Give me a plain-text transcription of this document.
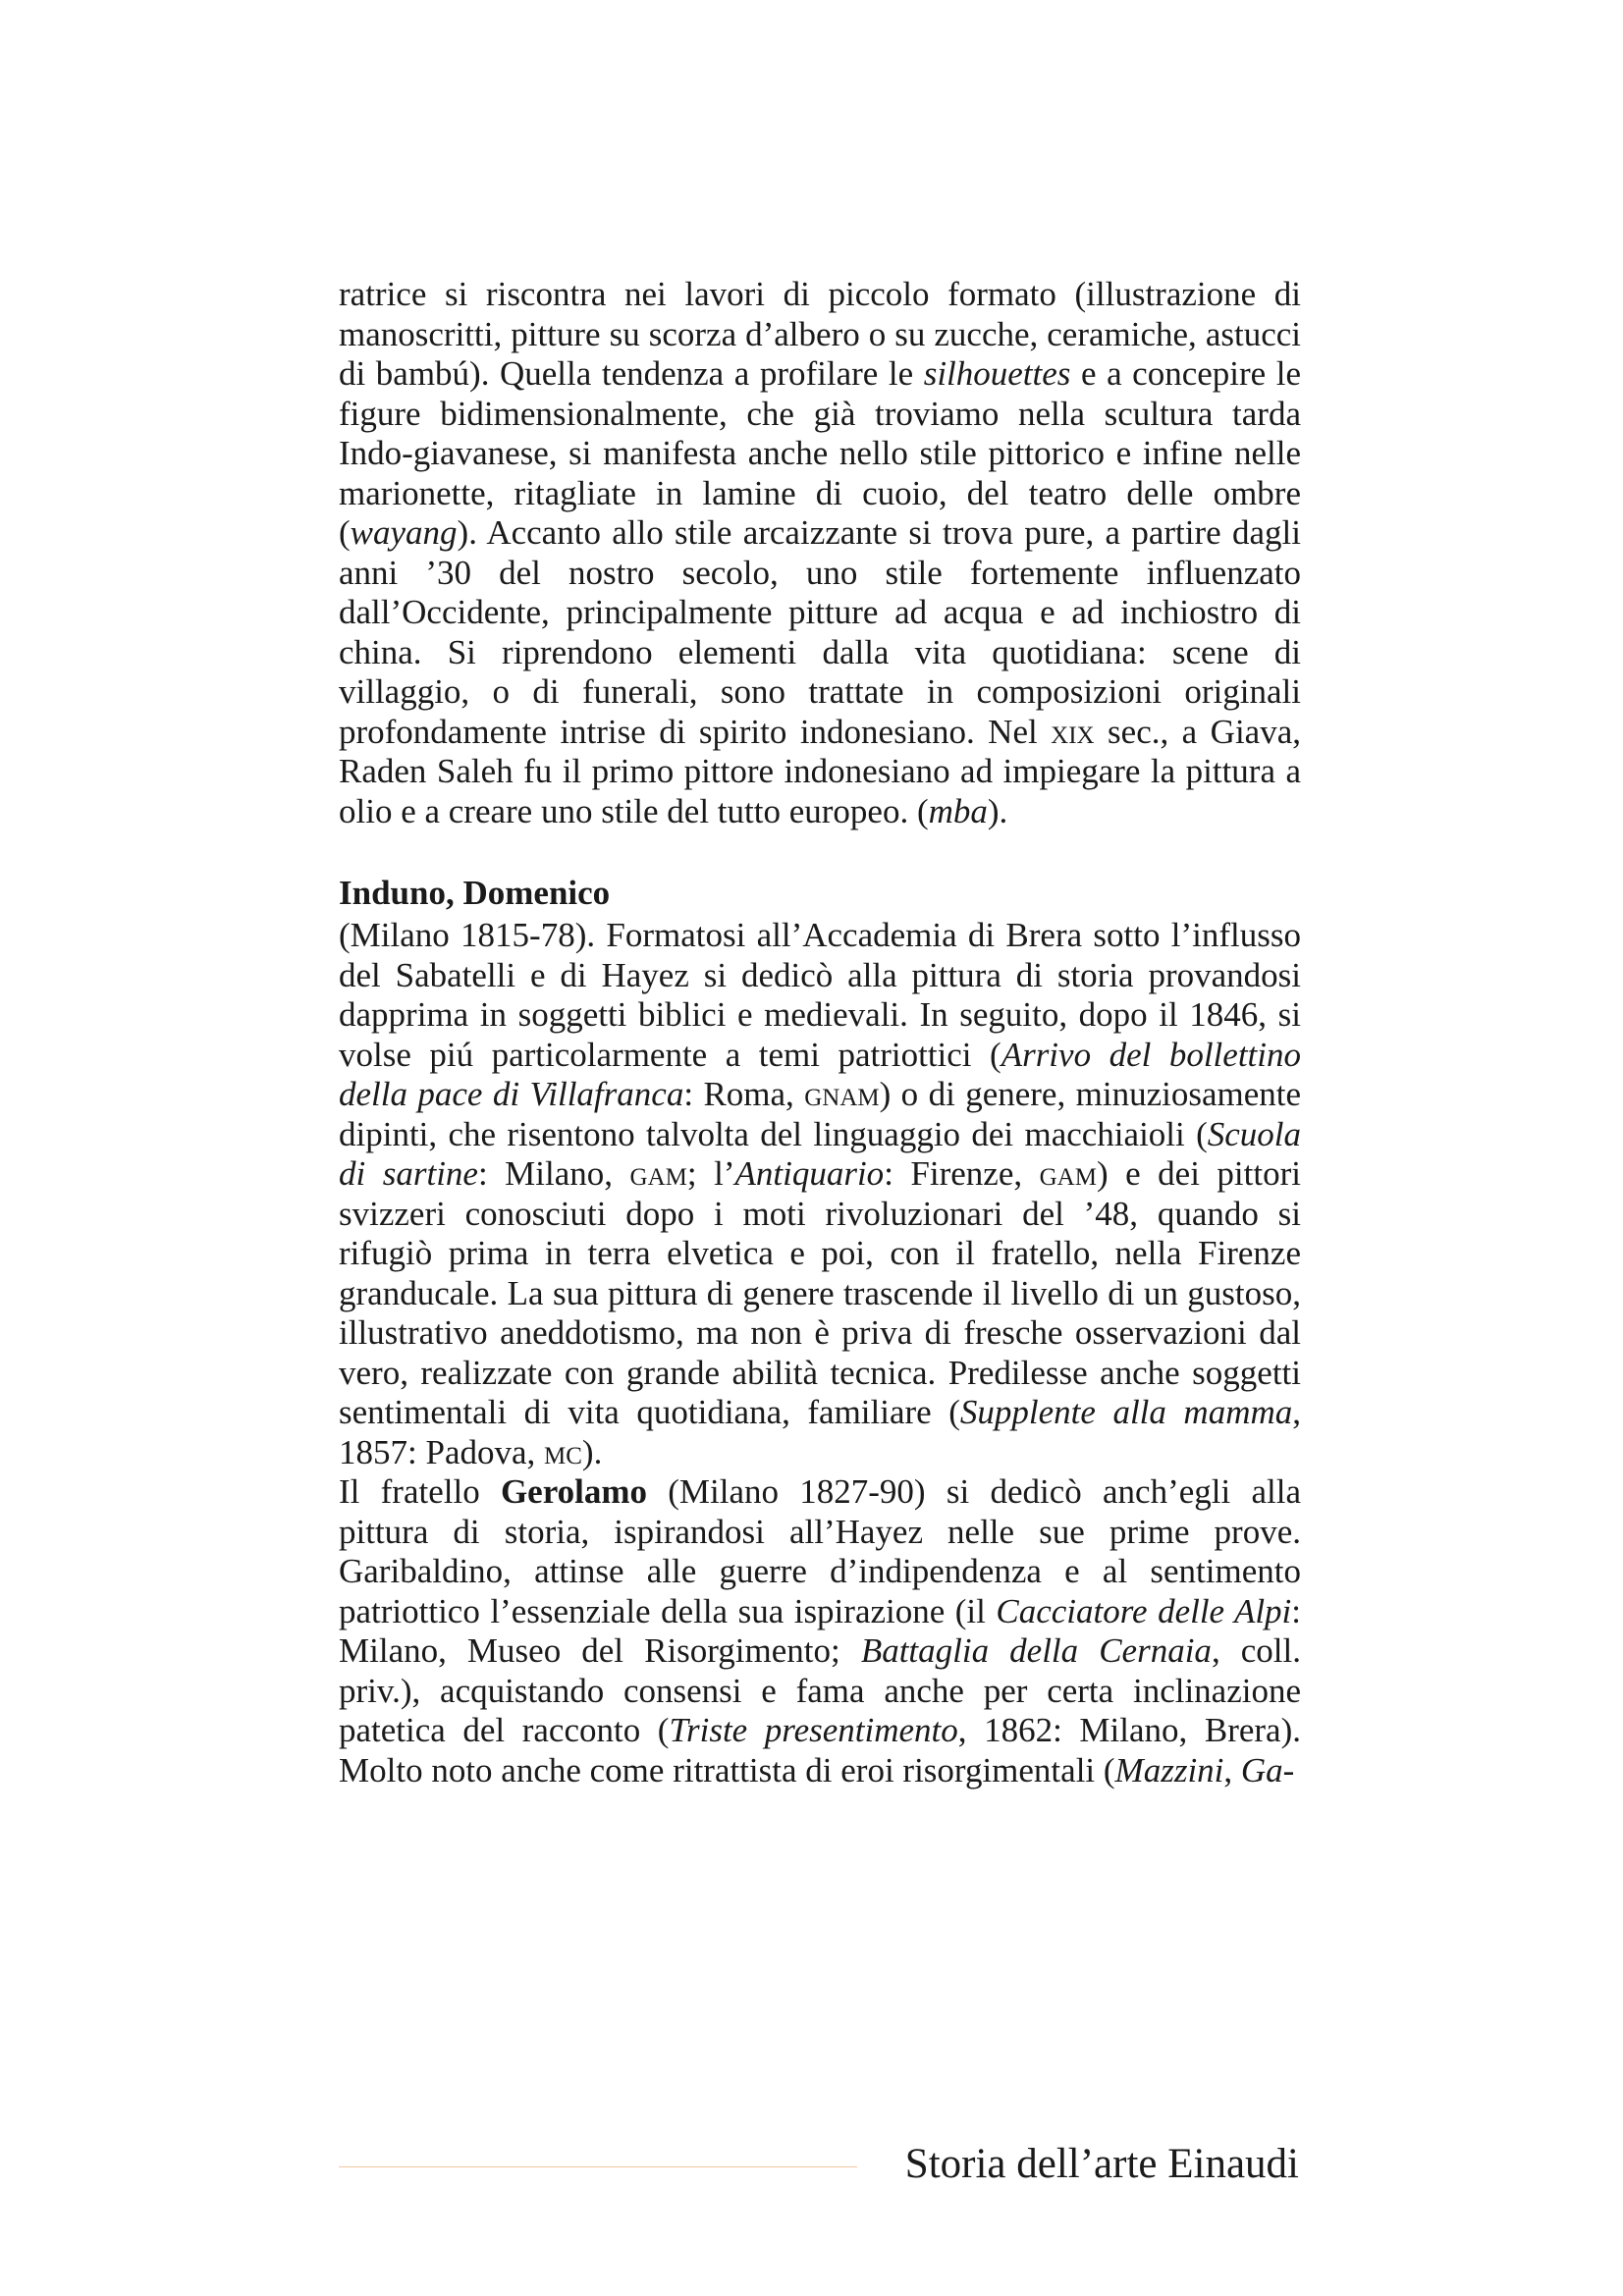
ratrice si riscontra nei lavori di piccolo formato (illustrazione di manoscritti, pitture su scorza d’albero o su zucche, ceramiche, astucci di bambú). Quella tendenza a profilare le silhouettes e a concepire le figure bidimensionalmente, che già troviamo nella scultura tarda Indo-giavanese, si manifesta anche nello stile pittorico e infine nelle marionette, ritagliate in lamine di cuoio, del teatro delle ombre (wayang). Accanto allo stile arcaizzante si trova pure, a partire dagli anni ’30 del nostro secolo, uno stile fortemente influenzato dall’Occidente, principalmente pitture ad acqua e ad inchiostro di china. Si riprendono elementi dalla vita quotidiana: scene di villaggio, o di funerali, sono trattate in composizioni originali profondamente intrise di spirito indonesiano. Nel xix sec., a Giava, Raden Saleh fu il primo pittore indonesiano ad impiegare la pittura a olio e a creare uno stile del tutto europeo. (mba).

Induno, Domenico

(Milano 1815-78). Formatosi all’Accademia di Brera sotto l’influsso del Sabatelli e di Hayez si dedicò alla pittura di storia provandosi dapprima in soggetti biblici e medievali. In seguito, dopo il 1846, si volse piú particolarmente a temi patriottici (Arrivo del bollettino della pace di Villafranca: Roma, gnam) o di genere, minuziosamente dipinti, che risentono talvolta del linguaggio dei macchiaioli (Scuola di sartine: Milano, gam; l’Antiquario: Firenze, gam) e dei pittori svizzeri conosciuti dopo i moti rivoluzionari del ’48, quando si rifugiò prima in terra elvetica e poi, con il fratello, nella Firenze granducale. La sua pittura di genere trascende il livello di un gustoso, illustrativo aneddotismo, ma non è priva di fresche osservazioni dal vero, realizzate con grande abilità tecnica. Predilesse anche soggetti sentimentali di vita quotidiana, familiare (Supplente alla mamma, 1857: Padova, mc).

Il fratello Gerolamo (Milano 1827-90) si dedicò anch’egli alla pittura di storia, ispirandosi all’Hayez nelle sue prime prove. Garibaldino, attinse alle guerre d’indipendenza e al sentimento patriottico l’essenziale della sua ispirazione (il Cacciatore delle Alpi: Milano, Museo del Risorgimento; Battaglia della Cernaia, coll. priv.), acquistando consensi e fama anche per certa inclinazione patetica del racconto (Triste presentimento, 1862: Milano, Brera). Molto noto anche come ritrattista di eroi risorgimentali (Mazzini, Ga-

Storia dell’arte Einaudi
